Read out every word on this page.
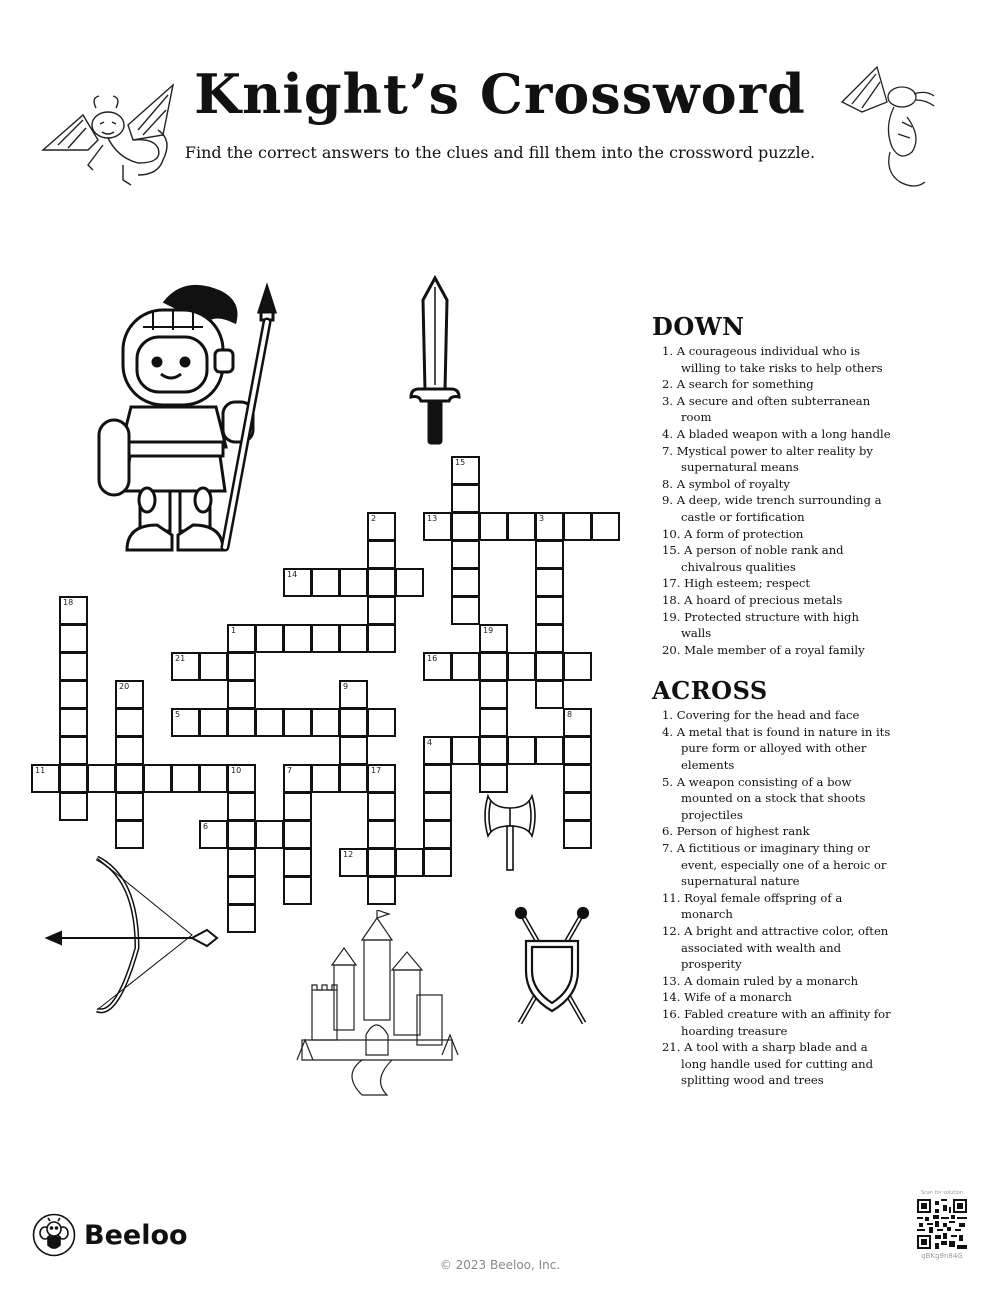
Knight’s Crossword
Find the correct answers to the clues and fill them into the crossword puzzle.
15
2	13	3
14
18
1	19
21	16
20	9
5	8
4
11	10	7	17
6
12
DOWN
1. A courageous individual who is willing to take risks to help others
2. A search for something
3. A secure and often subterranean room
4. A bladed weapon with a long handle
7. Mystical power to alter reality by supernatural means
8. A symbol of royalty
9. A deep, wide trench surrounding a castle or fortification
10. A form of protection
15. A person of noble rank and chivalrous qualities
17. High esteem; respect
18. A hoard of precious metals
19. Protected structure with high walls
20. Male member of a royal family
ACROSS
1. Covering for the head and face
4. A metal that is found in nature in its pure form or alloyed with other elements
5. A weapon consisting of a bow mounted on a stock that shoots projectiles
6. Person of highest rank
7. A fictitious or imaginary thing or event, especially one of a heroic or supernatural nature
11. Royal female offspring of a monarch
12. A bright and attractive color, often associated with wealth and prosperity
13. A domain ruled by a monarch
14. Wife of a monarch
16. Fabled creature with an affinity for hoarding treasure
21. A tool with a sharp blade and a long handle used for cutting and splitting wood and trees
Beeloo
© 2023 Beeloo, Inc.
Scan for solution
qBKg9n84G
